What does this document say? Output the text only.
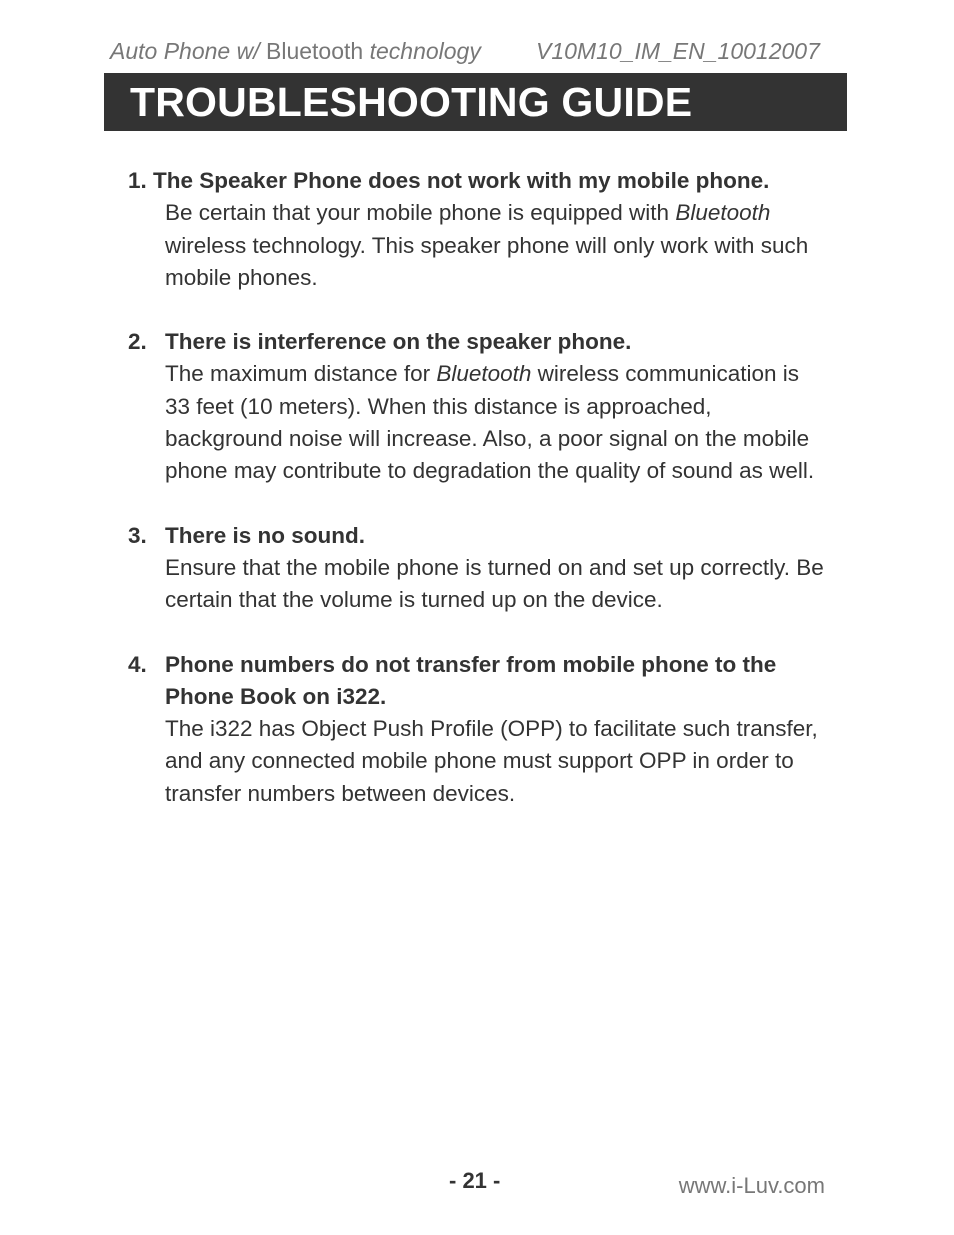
Auto Phone w/ Bluetooth technology V10M10_IM_EN_10012007
TROUBLESHOOTING GUIDE
1. The Speaker Phone does not work with my mobile phone.
Be certain that your mobile phone is equipped with Bluetooth wireless technology. This speaker phone will only work with such mobile phones.
2. There is interference on the speaker phone.
The maximum distance for Bluetooth wireless communication is 33 feet (10 meters). When this distance is approached, background noise will increase. Also, a poor signal on the mobile phone may contribute to degradation the quality of sound as well.
3. There is no sound.
Ensure that the mobile phone is turned on and set up correctly. Be certain that the volume is turned up on the device.
4. Phone numbers do not transfer from mobile phone to the Phone Book on i322.
The i322 has Object Push Profile (OPP) to facilitate such transfer, and any connected mobile phone must support OPP in order to transfer numbers between devices.
- 21 -	www.i-Luv.com
